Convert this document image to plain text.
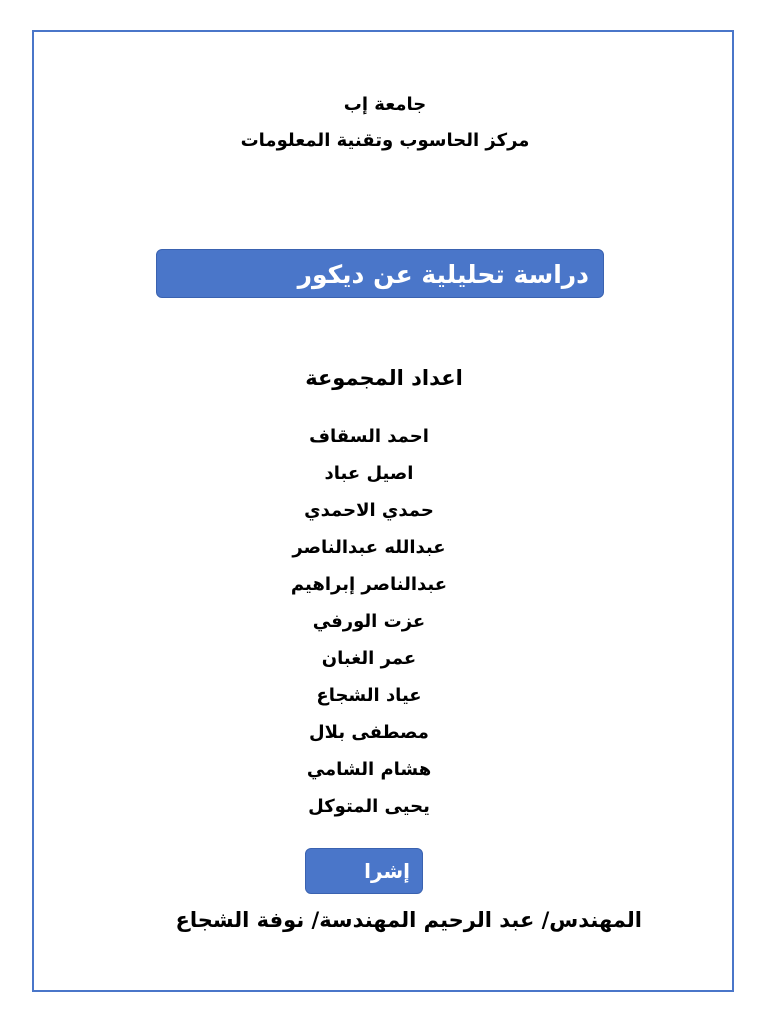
جامعة إب
مركز الحاسوب وتقنية المعلومات
دراسة تحليلية عن ديكور
اعداد المجموعة
احمد السقاف
اصيل عباد
حمدي الاحمدي
عبدالله عبدالناصر
عبدالناصر إبراهيم
عزت الورفي
عمر الغبان
عياد الشجاع
مصطفى بلال
هشام الشامي
يحيى المتوكل
إشرا
المهندس/ عبد الرحيم المهندسة/ نوفة الشجاع
